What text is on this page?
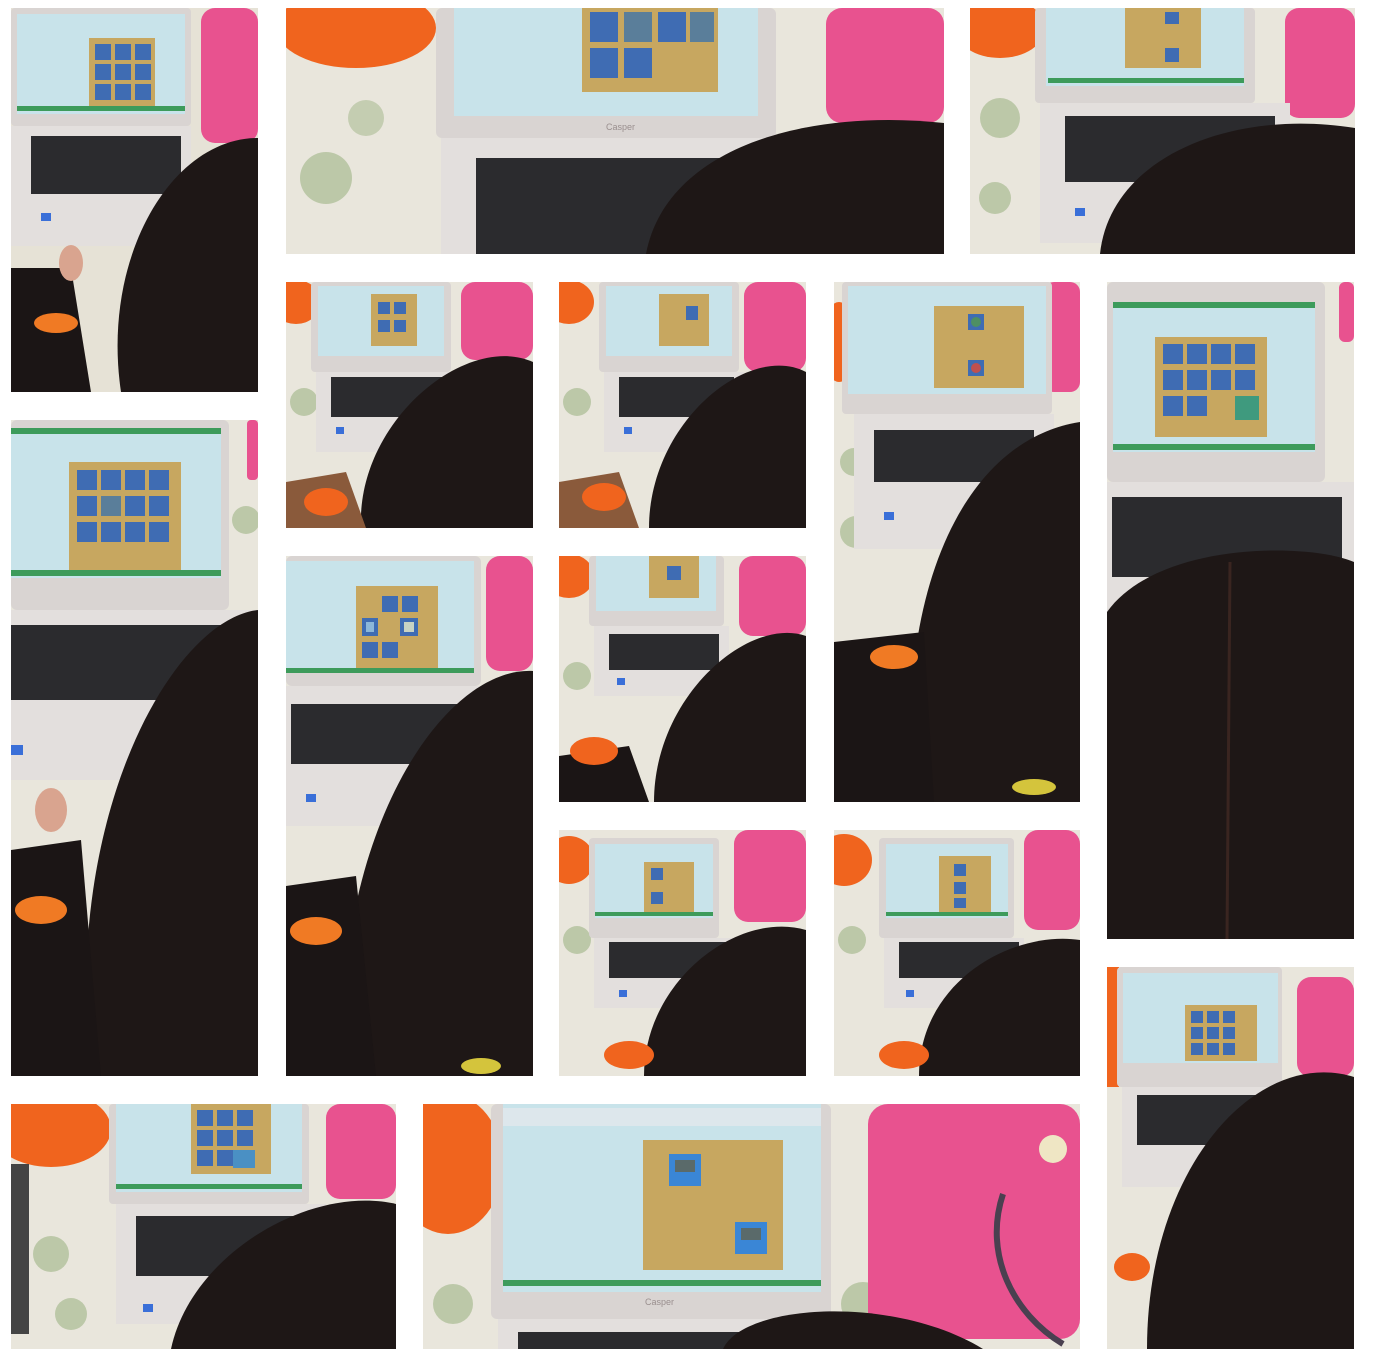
Casper
Casper
